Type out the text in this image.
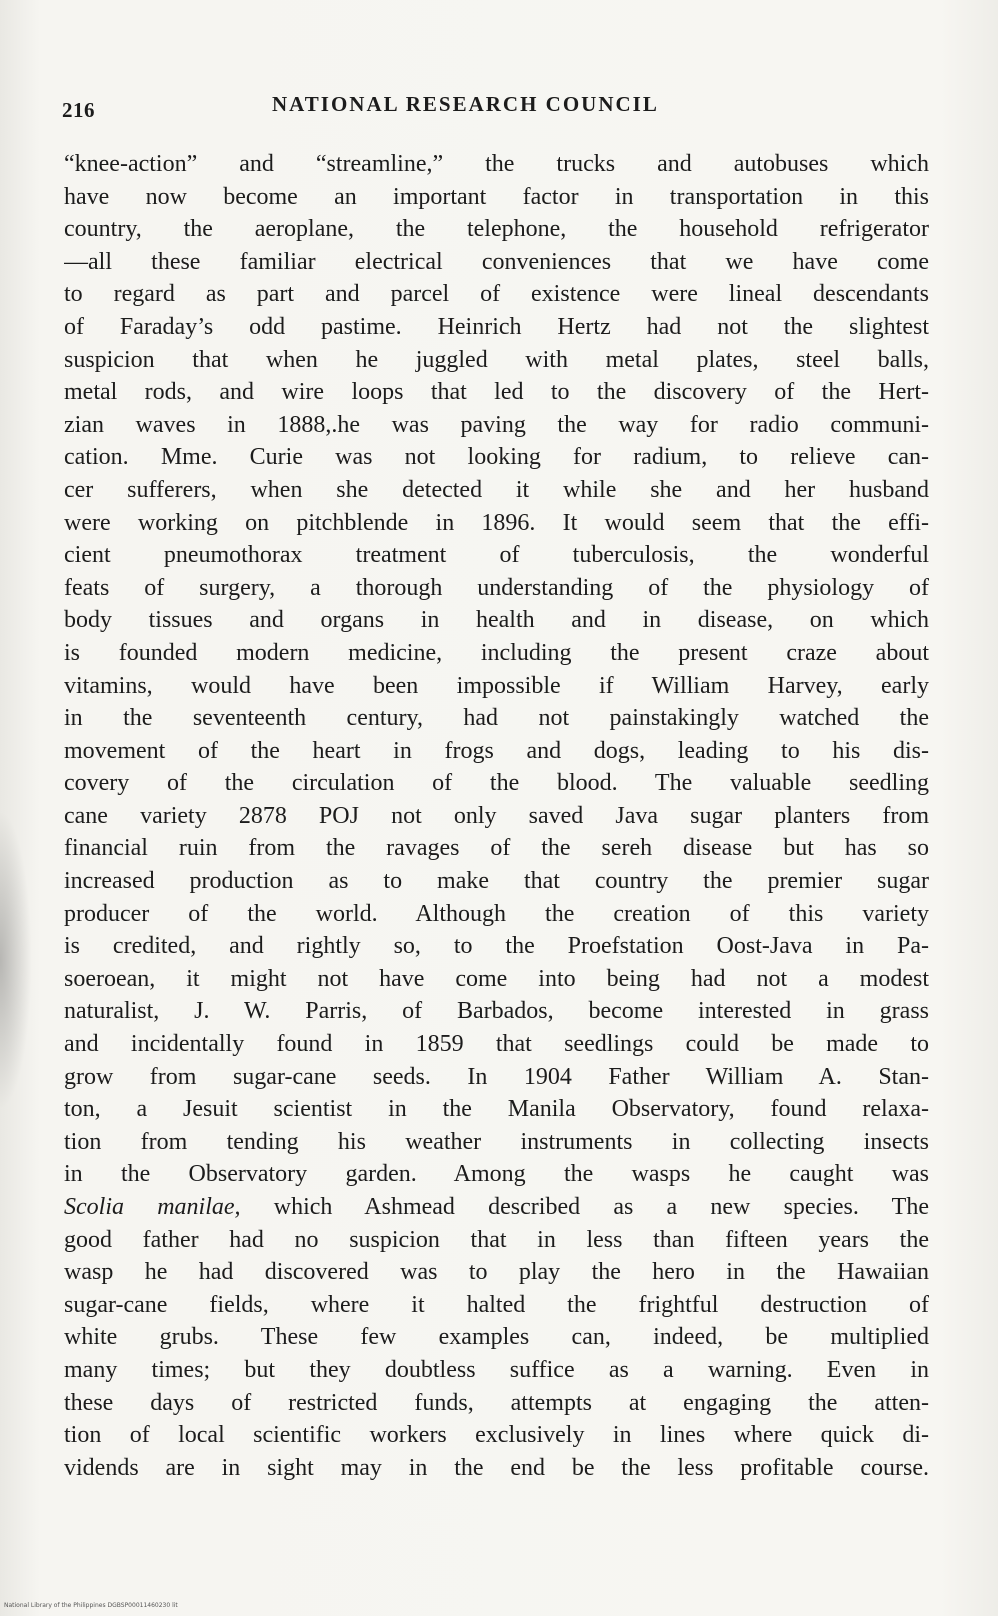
216	NATIONAL RESEARCH COUNCIL
“knee-action” and “streamline,” the trucks and autobuses which
have now become an important factor in transportation in this
country, the aeroplane, the telephone, the household refrigerator
—all these familiar electrical conveniences that we have come
to regard as part and parcel of existence were lineal descendants
of Faraday’s odd pastime. Heinrich Hertz had not the slightest
suspicion that when he juggled with metal plates, steel balls,
metal rods, and wire loops that led to the discovery of the Hert-
zian waves in 1888,.he was paving the way for radio communi-
cation. Mme. Curie was not looking for radium, to relieve can-
cer sufferers, when she detected it while she and her husband
were working on pitchblende in 1896. It would seem that the effi-
cient pneumothorax treatment of tuberculosis, the wonderful
feats of surgery, a thorough understanding of the physiology of
body tissues and organs in health and in disease, on which
is founded modern medicine, including the present craze about
vitamins, would have been impossible if William Harvey, early
in the seventeenth century, had not painstakingly watched the
movement of the heart in frogs and dogs, leading to his dis-
covery of the circulation of the blood. The valuable seedling
cane variety 2878 POJ not only saved Java sugar planters from
financial ruin from the ravages of the sereh disease but has so
increased production as to make that country the premier sugar
producer of the world. Although the creation of this variety
is credited, and rightly so, to the Proefstation Oost-Java in Pa-
soeroean, it might not have come into being had not a modest
naturalist, J. W. Parris, of Barbados, become interested in grass
and incidentally found in 1859 that seedlings could be made to
grow from sugar-cane seeds. In 1904 Father William A. Stan-
ton, a Jesuit scientist in the Manila Observatory, found relaxa-
tion from tending his weather instruments in collecting insects
in the Observatory garden. Among the wasps he caught was
Scolia manilae, which Ashmead described as a new species. The
good father had no suspicion that in less than fifteen years the
wasp he had discovered was to play the hero in the Hawaiian
sugar-cane fields, where it halted the frightful destruction of
white grubs. These few examples can, indeed, be multiplied
many times; but they doubtless suffice as a warning. Even in
these days of restricted funds, attempts at engaging the atten-
tion of local scientific workers exclusively in lines where quick di-
vidends are in sight may in the end be the less profitable course.
National Library of the Philippines DGBSP00011460230 lit
